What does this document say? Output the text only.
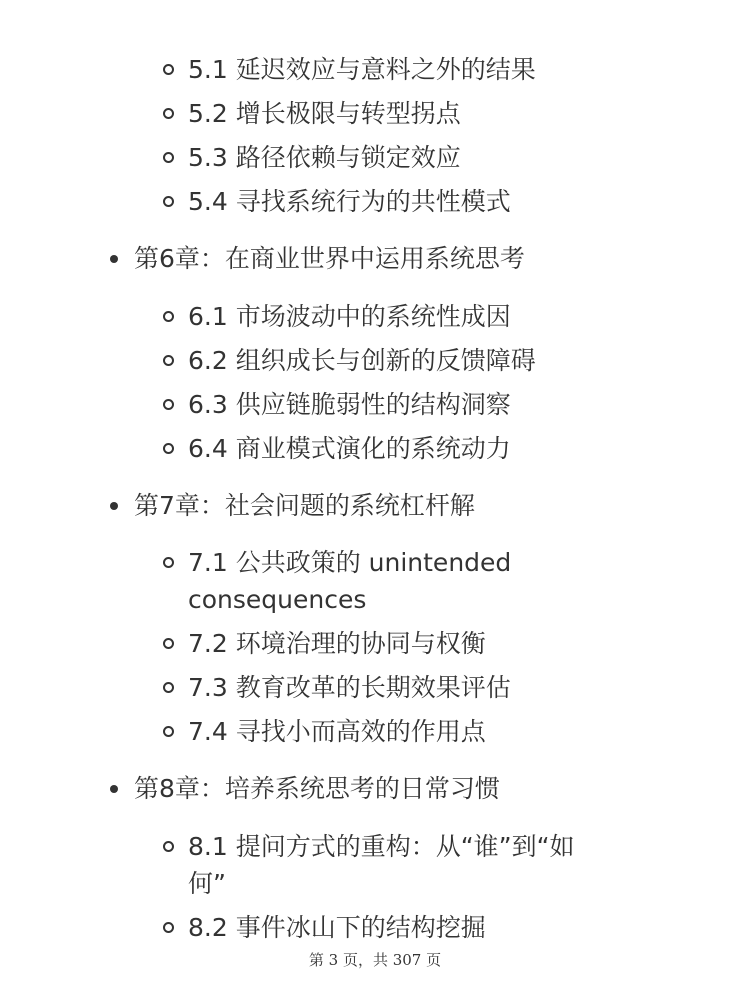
5.1 延迟效应与意料之外的结果
5.2 增长极限与转型拐点
5.3 路径依赖与锁定效应
5.4 寻找系统行为的共性模式
第6章：在商业世界中运用系统思考
6.1 市场波动中的系统性成因
6.2 组织成长与创新的反馈障碍
6.3 供应链脆弱性的结构洞察
6.4 商业模式演化的系统动力
第7章：社会问题的系统杠杆解
7.1 公共政策的 unintended
consequences
7.2 环境治理的协同与权衡
7.3 教育改革的长期效果评估
7.4 寻找小而高效的作用点
第8章：培养系统思考的日常习惯
8.1 提问方式的重构：从“谁”到“如
何”
8.2 事件冰山下的结构挖掘
第 3 页，共 307 页
